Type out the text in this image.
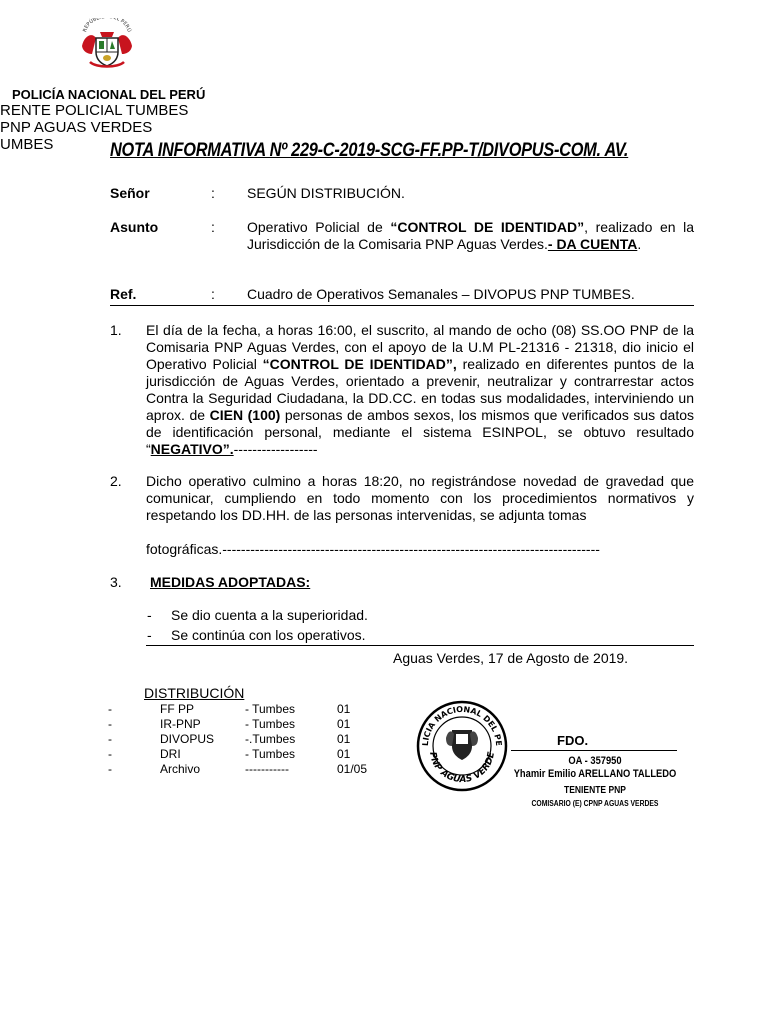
REPÚBL EL PERÚ
POLICÍA NACIONAL DEL PERÚ
RENTE POLICIAL TUMBES
PNP AGUAS VERDES
UMBES	NOTA INFORMATIVA Nº 229-C-2019-SCG-FF.PP-T/DIVOPUS-COM. AV.
Señor	: SEGÚN DISTRIBUCIÓN.
Asunto	: Operativo Policial de “CONTROL DE IDENTIDAD”, realizado en la Jurisdicción de la Comisaria PNP Aguas Verdes.- DA CUENTA.
Ref.	: Cuadro de Operativos Semanales – DIVOPUS PNP TUMBES.
1. El día de la fecha, a horas 16:00, el suscrito, al mando de ocho (08) SS.OO PNP de la Comisaria PNP Aguas Verdes, con el apoyo de la U.M PL-21316 - 21318, dio inicio el Operativo Policial “CONTROL DE IDENTIDAD”, realizado en diferentes puntos de la jurisdicción de Aguas Verdes, orientado a prevenir, neutralizar y contrarrestar actos Contra la Seguridad Ciudadana, la DD.CC. en todas sus modalidades, interviniendo un aprox. de CIEN (100) personas de ambos sexos, los mismos que verificados sus datos de identificación personal, mediante el sistema ESINPOL, se obtuvo resultado “NEGATIVO”.------------------
2. Dicho operativo culmino a horas 18:20, no registrándose novedad de gravedad que comunicar, cumpliendo en todo momento con los procedimientos normativos y respetando los DD.HH. de las personas intervenidas, se adjunta tomas
fotográficas.---------------------------------------------------------------------------------
3. MEDIDAS ADOPTADAS:
- Se dio cuenta a la superioridad.
- Se continúa con los operativos.
Aguas Verdes, 17 de Agosto de 2019.
DISTRIBUCIÓN
-	FF PP	- Tumbes	01
-	IR-PNP	- Tumbes	01
-	DIVOPUS	-.Tumbes	01
-	DRI	- Tumbes	01
-	Archivo	-----------	01/05
LICIA NACIONAL DEL PE
PNP AGUAS VERDE
FDO.
OA - 357950
Yhamir Emilio ARELLANO TALLEDO
TENIENTE PNP
COMISARIO (E) CPNP AGUAS VERDES
